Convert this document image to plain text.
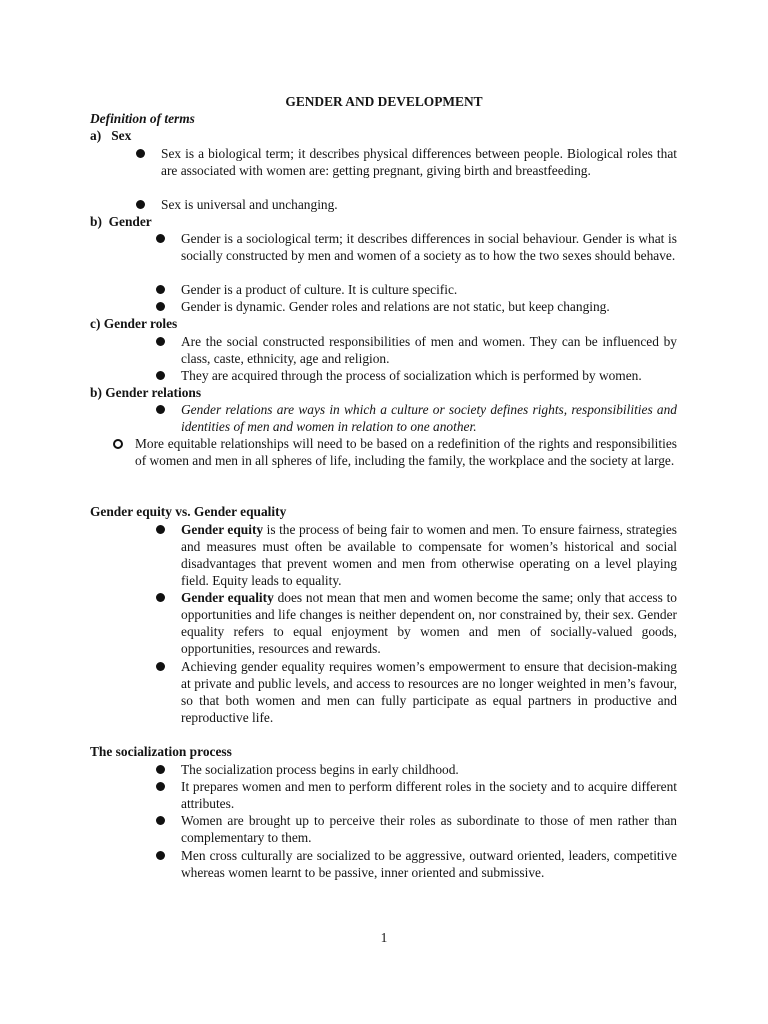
GENDER AND DEVELOPMENT
Definition of terms
a)   Sex
Sex is a biological term; it describes physical differences between people. Biological roles that are associated with women are: getting pregnant, giving birth and breastfeeding.
Sex is universal and unchanging.
b)  Gender
Gender is a sociological term; it describes differences in social behaviour. Gender is what is socially constructed by men and women of a society as to how the two sexes should behave.
Gender is a product of culture. It is culture specific.
Gender is dynamic. Gender roles and relations are not static, but keep changing.
c) Gender roles
Are the social constructed responsibilities of men and women. They can be influenced by class, caste, ethnicity, age and religion.
They are acquired through the process of socialization which is performed by women.
b) Gender relations
Gender relations are ways in which a culture or society defines rights, responsibilities and identities of men and women in relation to one another.
More equitable relationships will need to be based on a redefinition of the rights and responsibilities of women and men in all spheres of life, including the family, the workplace and the society at large.
Gender equity vs. Gender equality
Gender equity is the process of being fair to women and men. To ensure fairness, strategies and measures must often be available to compensate for women’s historical and social disadvantages that prevent women and men from otherwise operating on a level playing field. Equity leads to equality.
Gender equality does not mean that men and women become the same; only that access to opportunities and life changes is neither dependent on, nor constrained by, their sex. Gender equality refers to equal enjoyment by women and men of socially-valued goods, opportunities, resources and rewards.
Achieving gender equality requires women’s empowerment to ensure that decision-making at private and public levels, and access to resources are no longer weighted in men’s favour, so that both women and men can fully participate as equal partners in productive and reproductive life.
The socialization process
The socialization process begins in early childhood.
It prepares women and men to perform different roles in the society and to acquire different attributes.
Women are brought up to perceive their roles as subordinate to those of men rather than complementary to them.
Men cross culturally are socialized to be aggressive, outward oriented, leaders, competitive whereas women learnt to be passive, inner oriented and submissive.
1
